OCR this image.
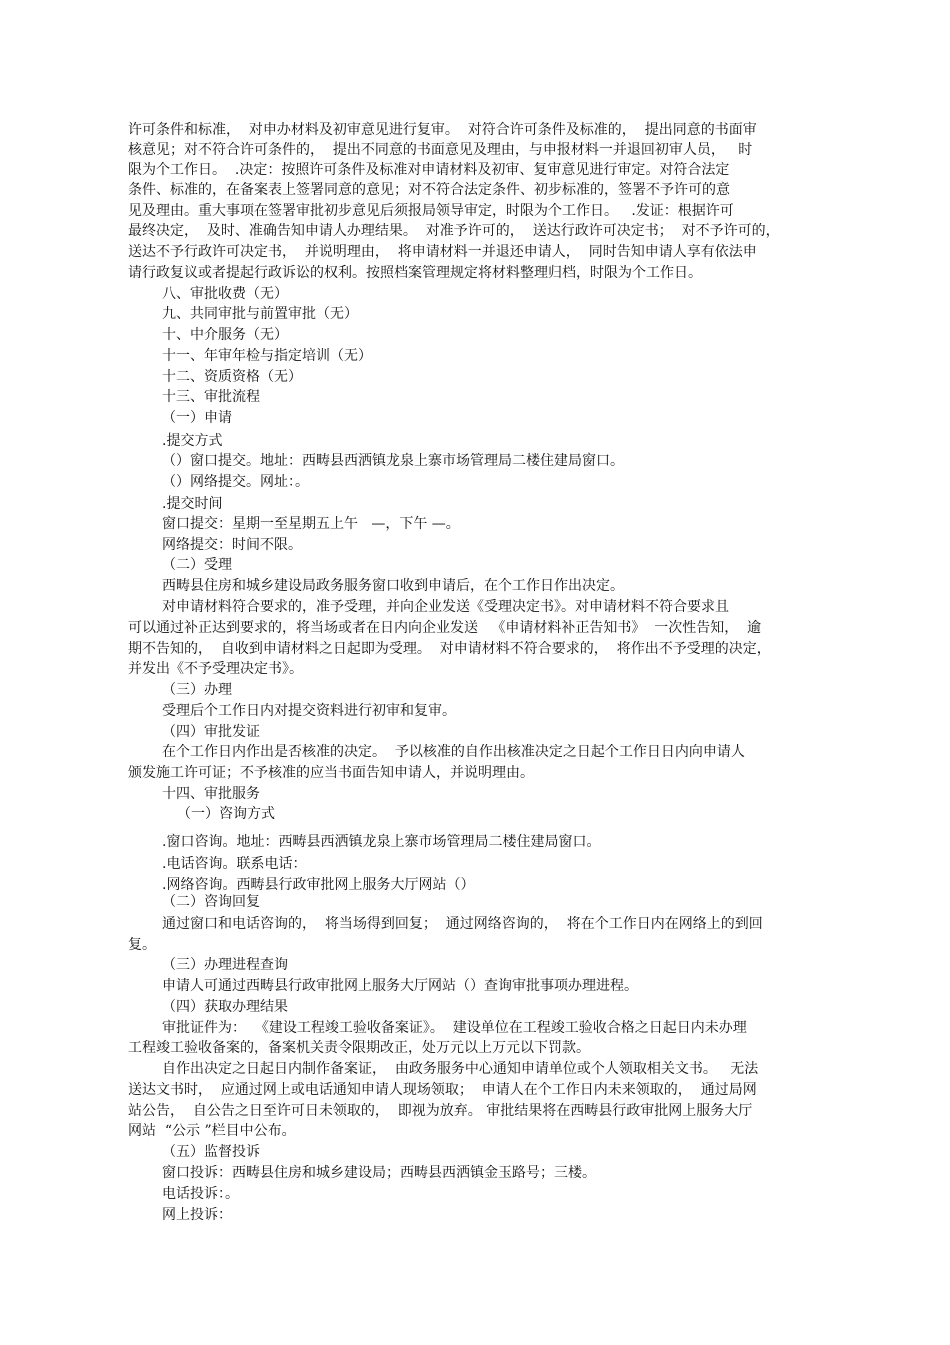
许可条件和标准，  对申办材料及初审意见进行复审。  对符合许可条件及标准的，  提出同意的书面审
核意见；对不符合许可条件的，  提出不同意的书面意见及理由，与申报材料一并退回初审人员，   时
限为个工作日。  .决定：按照许可条件及标准对申请材料及初审、复审意见进行审定。对符合法定
条件、标准的，在备案表上签署同意的意见；对不符合法定条件、初步标准的，签署不予许可的意
见及理由。重大事项在签署审批初步意见后须报局领导审定，时限为个工作日。   .发证：根据许可
最终决定，  及时、准确告知申请人办理结果。  对准予许可的，  送达行政许可决定书；  对不予许可的，
送达不予行政许可决定书，  并说明理由，  将申请材料一并退还申请人，  同时告知申请人享有依法申
请行政复议或者提起行政诉讼的权利。按照档案管理规定将材料整理归档，时限为个工作日。
八、审批收费（无）
九、共同审批与前置审批（无）
十、中介服务（无）
十一、年审年检与指定培训（无）
十二、资质资格（无）
十三、审批流程
（一）申请
.提交方式
（）窗口提交。地址：西畴县西洒镇龙泉上寨市场管理局二楼住建局窗口。
（）网络提交。网址：。
.提交时间
窗口提交：星期一至星期五上午   —，下午 —。
网络提交：时间不限。
（二）受理
西畴县住房和城乡建设局政务服务窗口收到申请后，在个工作日作出决定。
对申请材料符合要求的，准予受理，并向企业发送《受理决定书》。对申请材料不符合要求且
可以通过补正达到要求的，将当场或者在日内向企业发送   《申请材料补正告知书》  一次性告知，  逾
期不告知的，  自收到申请材料之日起即为受理。  对申请材料不符合要求的，  将作出不予受理的决定，
并发出《不予受理决定书》。
（三）办理
受理后个工作日内对提交资料进行初审和复审。
（四）审批发证
在个工作日内作出是否核准的决定。  予以核准的自作出核准决定之日起个工作日日内向申请人
颁发施工许可证；不予核准的应当书面告知申请人，并说明理由。
十四、审批服务
（一）咨询方式
.窗口咨询。地址：西畴县西洒镇龙泉上寨市场管理局二楼住建局窗口。
.电话咨询。联系电话：
.网络咨询。西畴县行政审批网上服务大厅网站（）
（二）咨询回复
通过窗口和电话咨询的，  将当场得到回复；  通过网络咨询的，  将在个工作日内在网络上的到回
复。
（三）办理进程查询
申请人可通过西畴县行政审批网上服务大厅网站（）查询审批事项办理进程。
（四）获取办理结果
审批证件为：  《建设工程竣工验收备案证》。  建设单位在工程竣工验收合格之日起日内未办理
工程竣工验收备案的，备案机关责令限期改正，处万元以上万元以下罚款。
自作出决定之日起日内制作备案证，  由政务服务中心通知申请单位或个人领取相关文书。   无法
送达文书时，  应通过网上或电话通知申请人现场领取；  申请人在个工作日内未来领取的，  通过局网
站公告，  自公告之日至许可日未领取的，  即视为放弃。 审批结果将在西畴县行政审批网上服务大厅
网站  “公示 ”栏目中公布。
（五）监督投诉
窗口投诉：西畴县住房和城乡建设局；西畴县西洒镇金玉路号；三楼。
电话投诉：。
网上投诉：
